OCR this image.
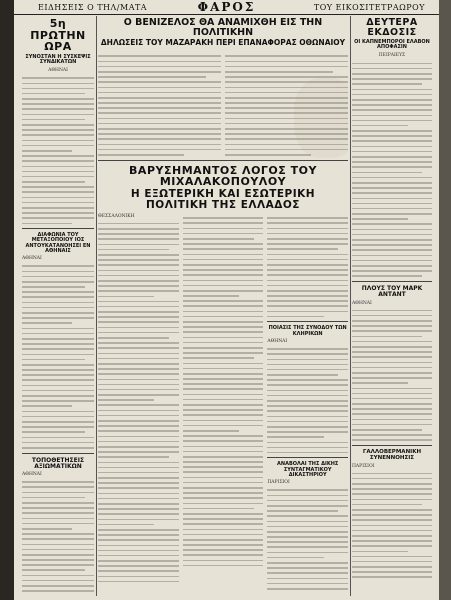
ΕΙΔΗΣΕΙΣ Ο ΤΗΛ/ΜΑΤΑ	ΦΑΡΟΣ	ΤΟΥ ΕΙΚΟΣΙΤΕΤΡΑΩΡΟΥ
5η ΠΡΩΤΗΝ ΩΡΑ
ΣΥΝΟΣΤΑΝ Η ΣΥΣΚΕΨΙΣ ΣΥΝΔΙΚΑΤΩΝ
ΑΘΗΝΑΙ
ΔΙΑΦΩΝΙΑ ΤΟΥ ΜΕΤΑΞΟΠΟΙΟΥ ΙΟΣ ΑΝΤΟΥΚΑΤΑΝΟΗΣΕΙ ΕΝ ΑΘΗΝΑΙΣ
ΑΘΗΝΑΙ
ΤΟΠΟΘΕΤΗΣΕΙΣ ΑΞΙΩΜΑΤΙΚΩΝ
ΑΘΗΝΑΙ
Ο ΒΕΝΙΖΕΛΟΣ ΘΑ ΑΝΑΜΙΧΘΗ ΕΙΣ ΤΗΝ ΠΟΛΙΤΙΚΗΝ
ΔΗΛΩΣΕΙΣ ΤΟΥ ΜΑΖΑΡΑΚΗ ΠΕΡΙ ΕΠΑΝΑΦΟΡΑΣ ΟΘΩΝΑΙΟΥ
ΒΑΡΥΣΗΜΑΝΤΟΣ ΛΟΓΟΣ ΤΟΥ ΜΙΧΑΛΑΚΟΠΟΥΛΟΥ
Η ΕΞΩΤΕΡΙΚΗ ΚΑΙ ΕΣΩΤΕΡΙΚΗ ΠΟΛΙΤΙΚΗ ΤΗΣ ΕΛΛΑΔΟΣ
ΘΕΣΣΑΛΟΝΙΚΗ
ΠΟΙΑΣΙΣ ΤΗΣ ΣΥΝΟΔΟΥ ΤΩΝ ΚΛΗΡΙΚΩΝ
ΑΘΗΝΑΙ
ΑΝΑΒΟΛΑΙ ΤΗΣ ΔΙΚΗΣ ΣΥΝΤΑΓΜΑΤΙΚΟΥ ΔΙΚΑΣΤΗΡΙΟΥ
ΠΑΡΙΣΙΟΙ
ΔΕΥΤΕΡΑ ΕΚΔΟΣΙΣ
ΟΙ ΚΑΠΝΕΜΠΟΡΟΙ ΕΛΑΒΟΝ ΑΠΟΦΑΣΙΝ
ΠΕΙΡΑΙΕΥΣ
ΠΛΟΥΣ ΤΟΥ ΜΑΡΚ ΑΝΤΑΝΤ
ΑΘΗΝΑΙ
ΓΑΛΛΟΒΕΡΜΑΝΙΚΗ ΣΥΝΕΝΝΟΗΣΙΣ
ΠΑΡΙΣΙΟΙ
